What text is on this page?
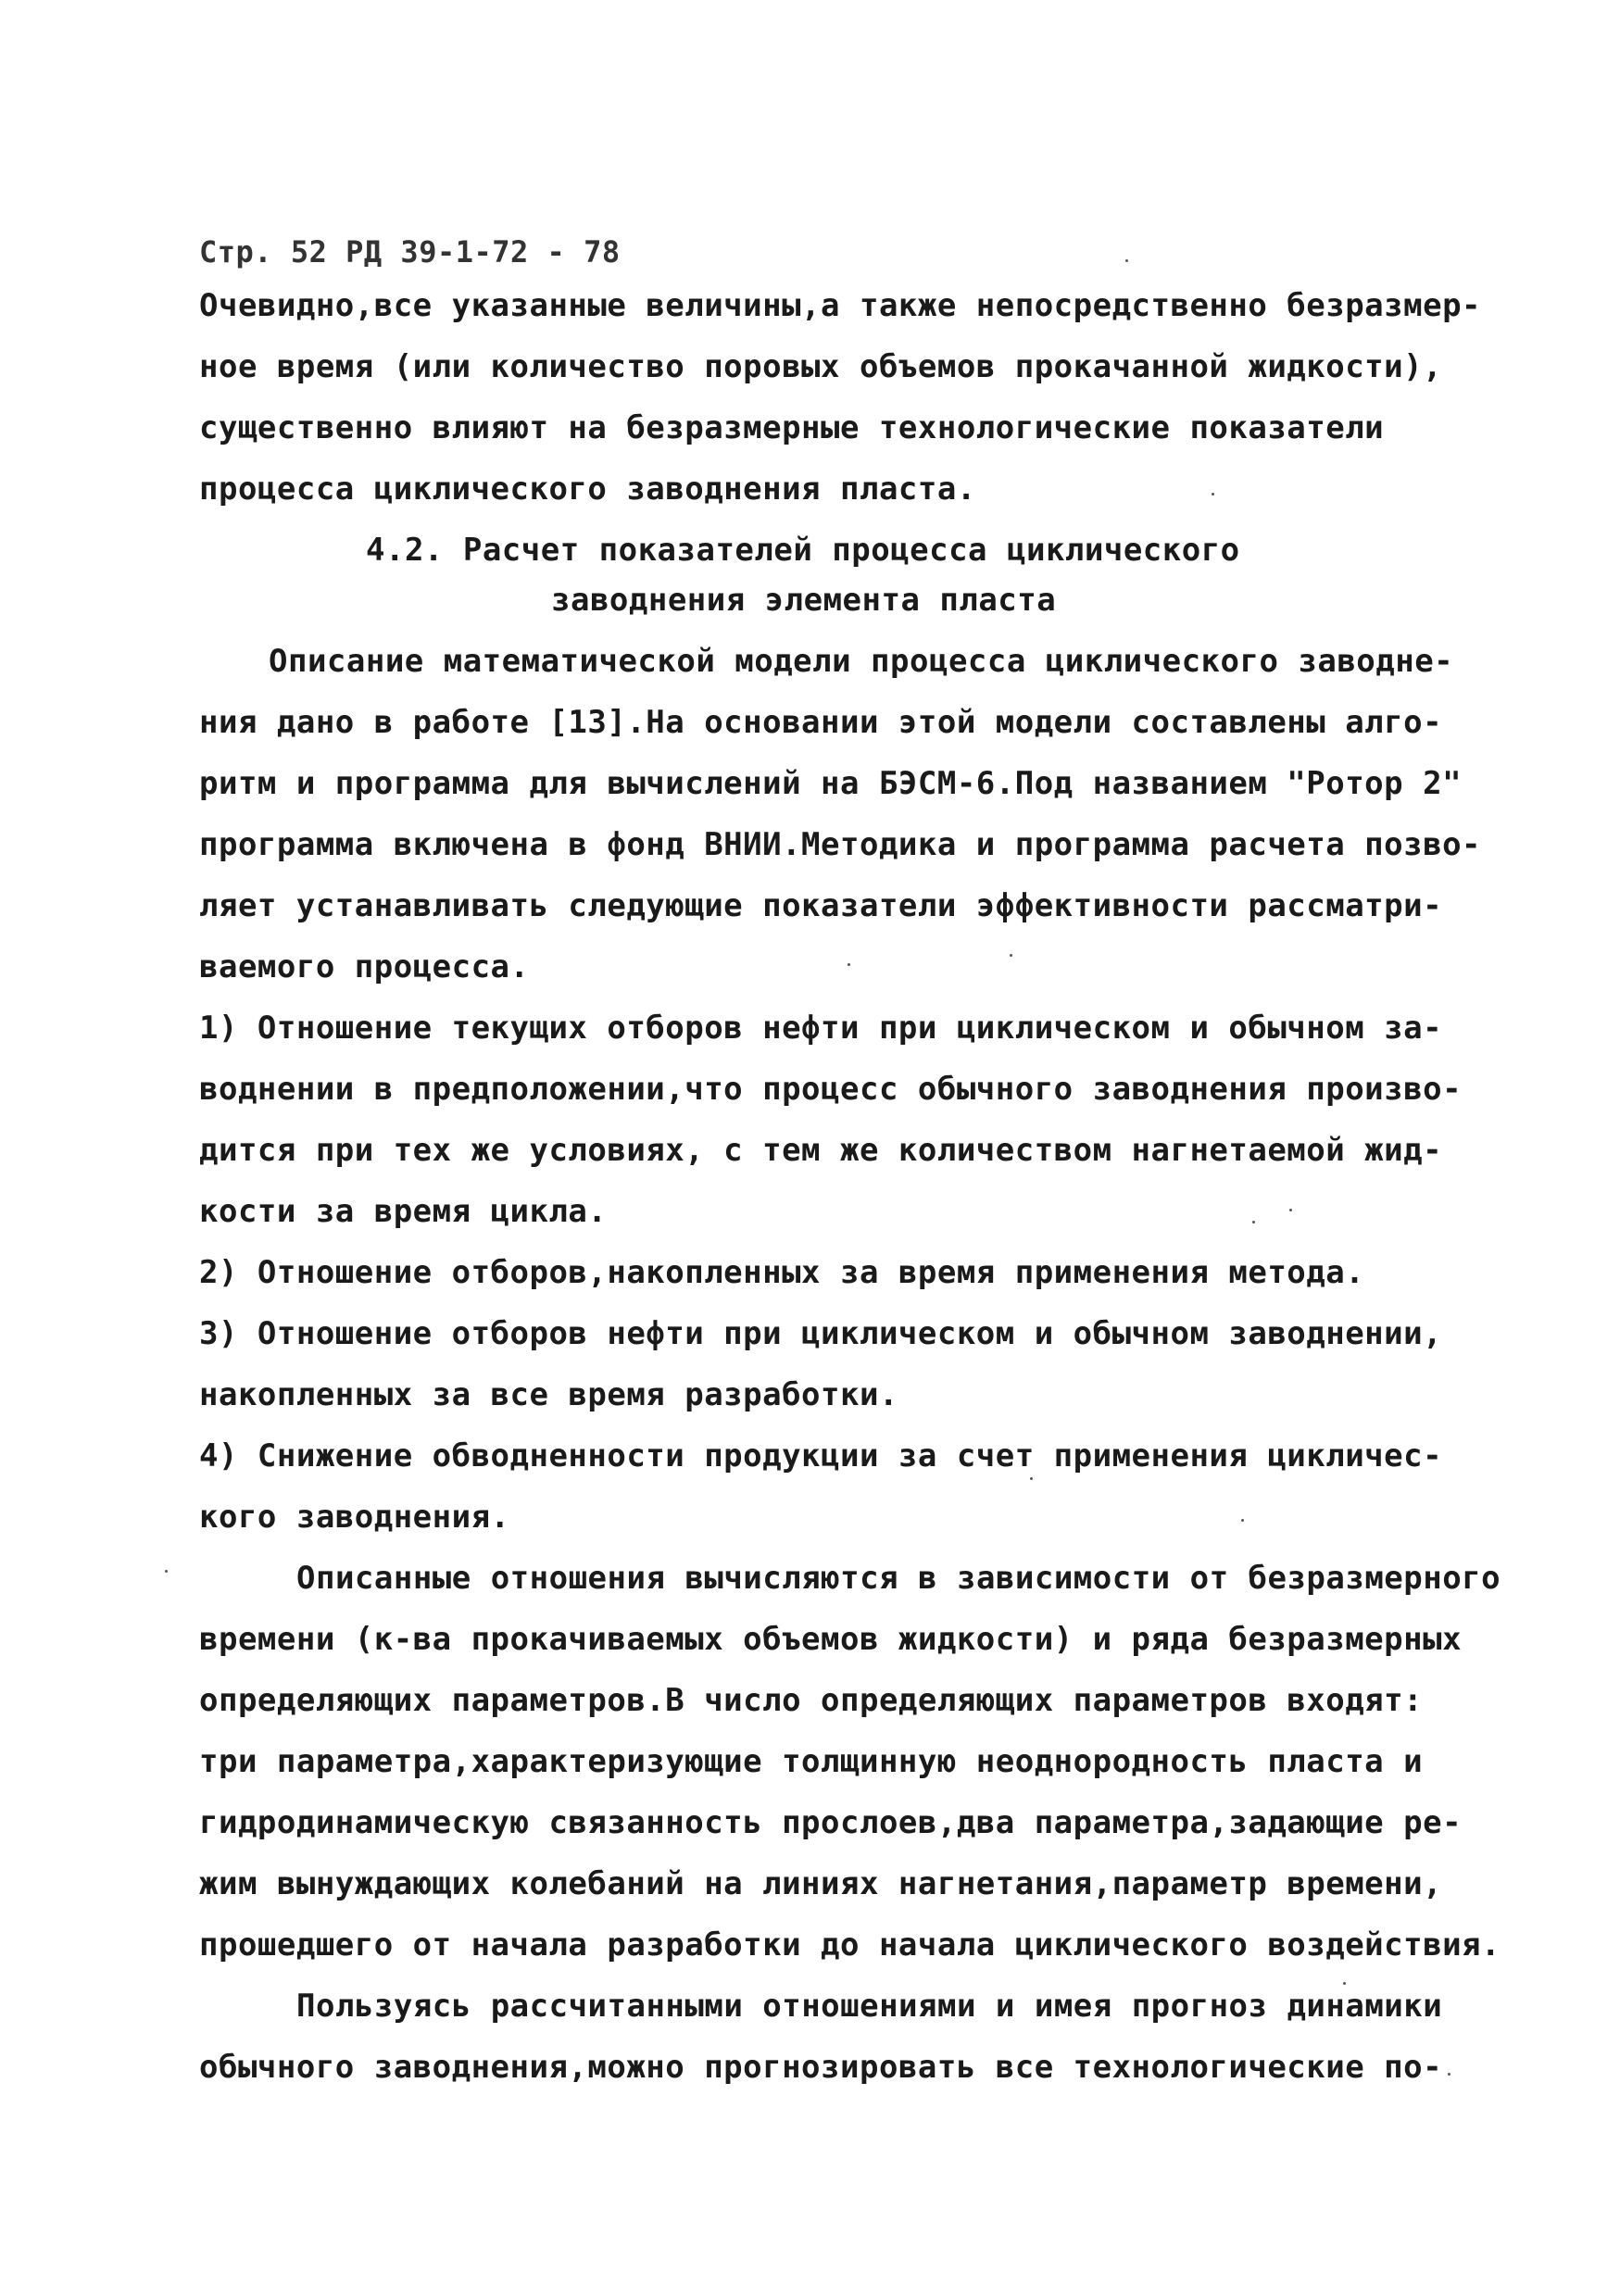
Стр. 52 РД 39-1-72 - 78
Очевидно,все указанные величины,а также непосредственно безразмер-
ное время (или количество поровых объемов прокачанной жидкости),
существенно влияют на безразмерные технологические показатели
процесса циклического заводнения пласта.
4.2. Расчет показателей процесса циклического
заводнения элемента пласта
Описание математической модели процесса циклического заводне-
ния дано в работе [13].На основании этой модели составлены алго-
ритм и программа для вычислений на БЭСМ-6.Под названием "Ротор 2"
программа включена в фонд ВНИИ.Методика и программа расчета позво-
ляет устанавливать следующие показатели эффективности рассматри-
ваемого процесса.
1) Отношение текущих отборов нефти при циклическом и обычном за-
воднении в предположении,что процесс обычного заводнения произво-
дится при тех же условиях, с тем же количеством нагнетаемой жид-
кости за время цикла.
2) Отношение отборов,накопленных за время применения метода.
3) Отношение отборов нефти при циклическом и обычном заводнении,
накопленных за все время разработки.
4) Снижение обводненности продукции за счет применения цикличес-
кого заводнения.
Описанные отношения вычисляются в зависимости от безразмерного
времени (к-ва прокачиваемых объемов жидкости) и ряда безразмерных
определяющих параметров.В число определяющих параметров входят:
три параметра,характеризующие толщинную неоднородность пласта и
гидродинамическую связанность прослоев,два параметра,задающие ре-
жим вынуждающих колебаний на линиях нагнетания,параметр времени,
прошедшего от начала разработки до начала циклического воздействия.
Пользуясь рассчитанными отношениями и имея прогноз динамики
обычного заводнения,можно прогнозировать все технологические по-
